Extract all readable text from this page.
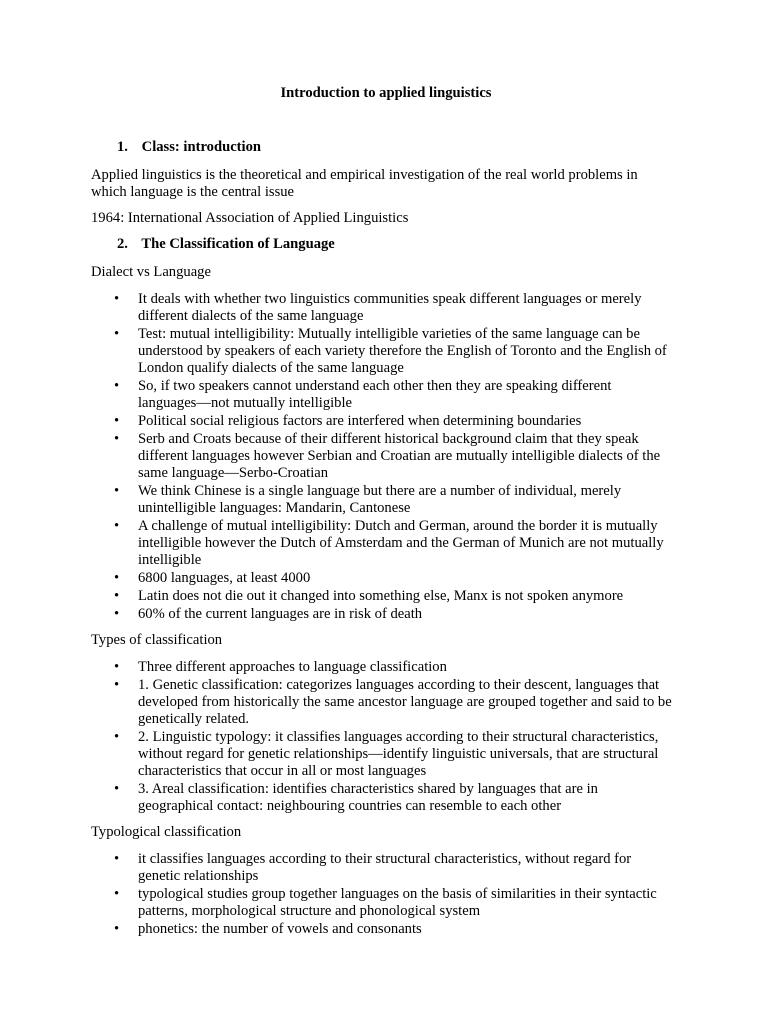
Introduction to applied linguistics
1. Class: introduction

Applied linguistics is the theoretical and empirical investigation of the real world problems in which language is the central issue

1964: International Association of Applied Linguistics

2. The Classification of Language

Dialect vs Language

• It deals with whether two linguistics communities speak different languages or merely different dialects of the same language
• Test: mutual intelligibility: Mutually intelligible varieties of the same language can be understood by speakers of each variety therefore the English of Toronto and the English of London qualify dialects of the same language
• So, if two speakers cannot understand each other then they are speaking different languages—not mutually intelligible
• Political social religious factors are interfered when determining boundaries
• Serb and Croats because of their different historical background claim that they speak different languages however Serbian and Croatian are mutually intelligible dialects of the same language—Serbo-Croatian
• We think Chinese is a single language but there are a number of individual, merely unintelligible languages: Mandarin, Cantonese
• A challenge of mutual intelligibility: Dutch and German, around the border it is mutually intelligible however the Dutch of Amsterdam and the German of Munich are not mutually intelligible
• 6800 languages, at least 4000
• Latin does not die out it changed into something else, Manx is not spoken anymore
• 60% of the current languages are in risk of death

Types of classification

• Three different approaches to language classification
• 1. Genetic classification: categorizes languages according to their descent, languages that developed from historically the same ancestor language are grouped together and said to be genetically related.
• 2. Linguistic typology: it classifies languages according to their structural characteristics, without regard for genetic relationships—identify linguistic universals, that are structural characteristics that occur in all or most languages
• 3. Areal classification: identifies characteristics shared by languages that are in geographical contact: neighbouring countries can resemble to each other

Typological classification

• it classifies languages according to their structural characteristics, without regard for genetic relationships
• typological studies group together languages on the basis of similarities in their syntactic patterns, morphological structure and phonological system
• phonetics: the number of vowels and consonants
